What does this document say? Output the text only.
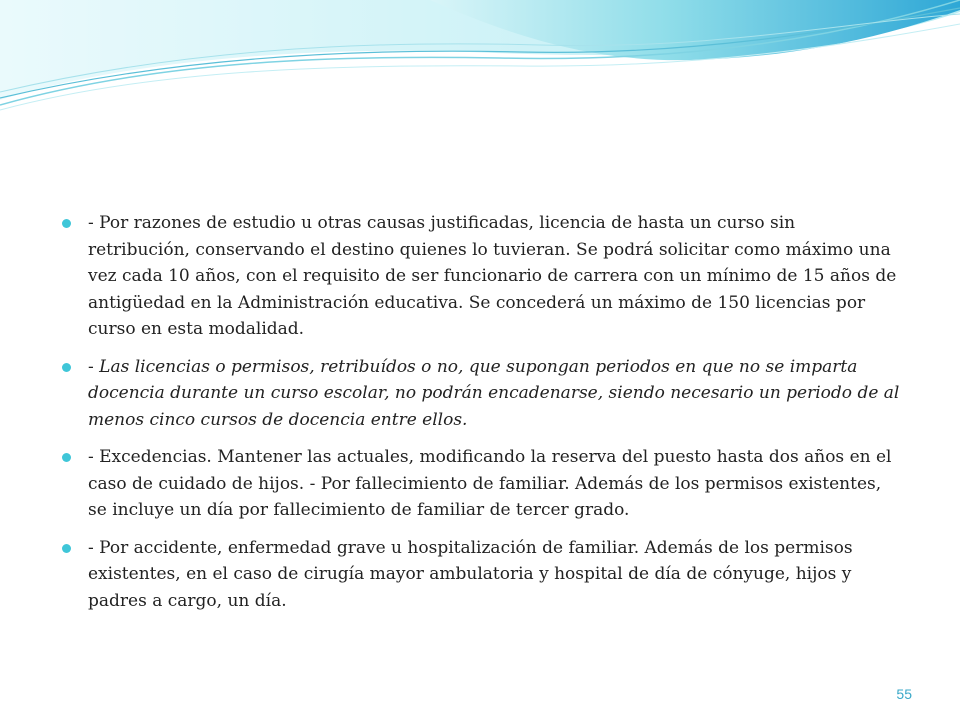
- Por razones de estudio u otras causas justificadas, licencia de hasta un curso sin retribución, conservando el destino quienes lo tuvieran. Se podrá solicitar como máximo una vez cada 10 años, con el requisito de ser funcionario de carrera con un mínimo de 15 años de antigüedad en la Administración educativa. Se concederá un máximo de 150 licencias por curso en esta modalidad.
- Las licencias o permisos, retribuídos o no, que supongan periodos en que no se imparta docencia durante un curso escolar, no podrán encadenarse, siendo necesario un periodo de al menos cinco cursos de docencia entre ellos.
- Excedencias. Mantener las actuales, modificando la reserva del puesto hasta dos años en el caso de cuidado de hijos. - Por fallecimiento de familiar. Además de los permisos existentes, se incluye un día por fallecimiento de familiar de tercer grado.
- Por accidente, enfermedad grave u hospitalización de familiar. Además de los permisos existentes, en el caso de cirugía mayor ambulatoria y hospital de día de cónyuge, hijos y padres a cargo, un día.
55
